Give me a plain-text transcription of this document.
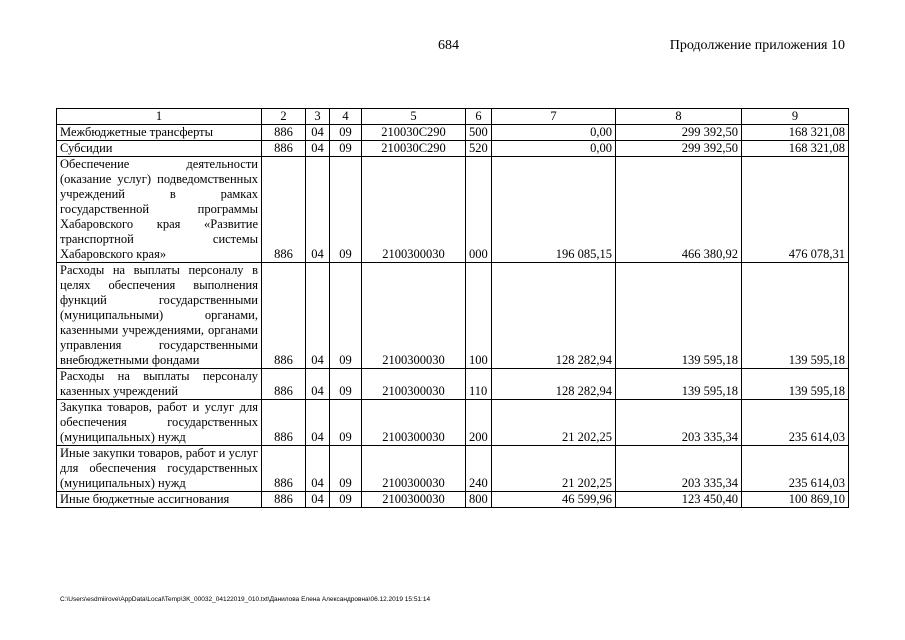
684	Продолжение приложения 10
1	2	3	4	5	6	7	8	9
Межбюджетные трансферты	886	04	09	210030С290	500	0,00	299 392,50	168 321,08
Субсидии	886	04	09	210030С290	520	0,00	299 392,50	168 321,08
Обеспечение деятельности (оказание услуг) подведомственных учреждений в рамках государственной программы Хабаровского края «Развитие транспортной системы Хабаровского края»	886	04	09	2100300030	000	196 085,15	466 380,92	476 078,31
Расходы на выплаты персоналу в целях обеспечения выполнения функций государственными (муниципальными) органами, казенными учреждениями, органами управления государственными внебюджетными фондами	886	04	09	2100300030	100	128 282,94	139 595,18	139 595,18
Расходы на выплаты персоналу казенных учреждений	886	04	09	2100300030	110	128 282,94	139 595,18	139 595,18
Закупка товаров, работ и услуг для обеспечения государственных (муниципальных) нужд	886	04	09	2100300030	200	21 202,25	203 335,34	235 614,03
Иные закупки товаров, работ и услуг для обеспечения государственных (муниципальных) нужд	886	04	09	2100300030	240	21 202,25	203 335,34	235 614,03
Иные бюджетные ассигнования	886	04	09	2100300030	800	46 599,96	123 450,40	100 869,10
C:\Users\esdmiirove\AppData\Local\Temp\3K_00032_04122019_010.txt\Данилова Елена Александровна\06.12.2019 15:51:14
